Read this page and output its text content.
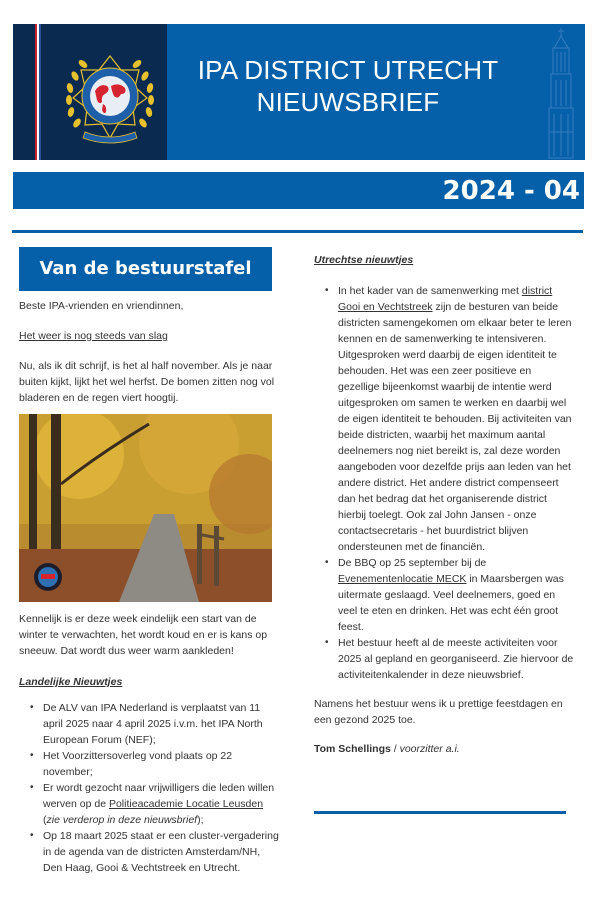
IPA DISTRICT UTRECHT
NIEUWSBRIEF
2024 - 04
Van de bestuurstafel

Beste IPA-vrienden en vriendinnen,

Het weer is nog steeds van slag

Nu, als ik dit schrijf, is het al half november. Als je naar buiten kijkt, lijkt het wel herfst. De bomen zitten nog vol bladeren en de regen viert hoogtij.

Kennelijk is er deze week eindelijk een start van de winter te verwachten, het wordt koud en er is kans op sneeuw. Dat wordt dus weer warm aankleden!

Landelijke Nieuwtjes

• De ALV van IPA Nederland is verplaatst van 11 april 2025 naar 4 april 2025 i.v.m. het IPA North European Forum (NEF);
• Het Voorzittersoverleg vond plaats op 22 november;
• Er wordt gezocht naar vrijwilligers die leden willen werven op de Politieacademie Locatie Leusden (zie verderop in deze nieuwsbrief);
• Op 18 maart 2025 staat er een cluster-vergadering in de agenda van de districten Amsterdam/NH, Den Haag, Gooi & Vechtstreek en Utrecht.

Utrechtse nieuwtjes

• In het kader van de samenwerking met district Gooi en Vechtstreek zijn de besturen van beide districten samengekomen om elkaar beter te leren kennen en de samenwerking te intensiveren. Uitgesproken werd daarbij de eigen identiteit te behouden. Het was een zeer positieve en gezellige bijeenkomst waarbij de intentie werd uitgesproken om samen te werken en daarbij wel de eigen identiteit te behouden. Bij activiteiten van beide districten, waarbij het maximum aantal deelnemers nog niet bereikt is, zal deze worden aangeboden voor dezelfde prijs aan leden van het andere district. Het andere district compenseert dan het bedrag dat het organiserende district hierbij toelegt. Ook zal John Jansen - onze contactsecretaris - het buurdistrict blijven ondersteunen met de financiën.
• De BBQ op 25 september bij de Evenementenlocatie MECK in Maarsbergen was uitermate geslaagd. Veel deelnemers, goed en veel te eten en drinken. Het was echt één groot feest.
• Het bestuur heeft al de meeste activiteiten voor 2025 al gepland en georganiseerd. Zie hiervoor de activiteitenkalender in deze nieuwsbrief.

Namens het bestuur wens ik u prettige feestdagen en een gezond 2025 toe.

Tom Schellings / voorzitter a.i.
